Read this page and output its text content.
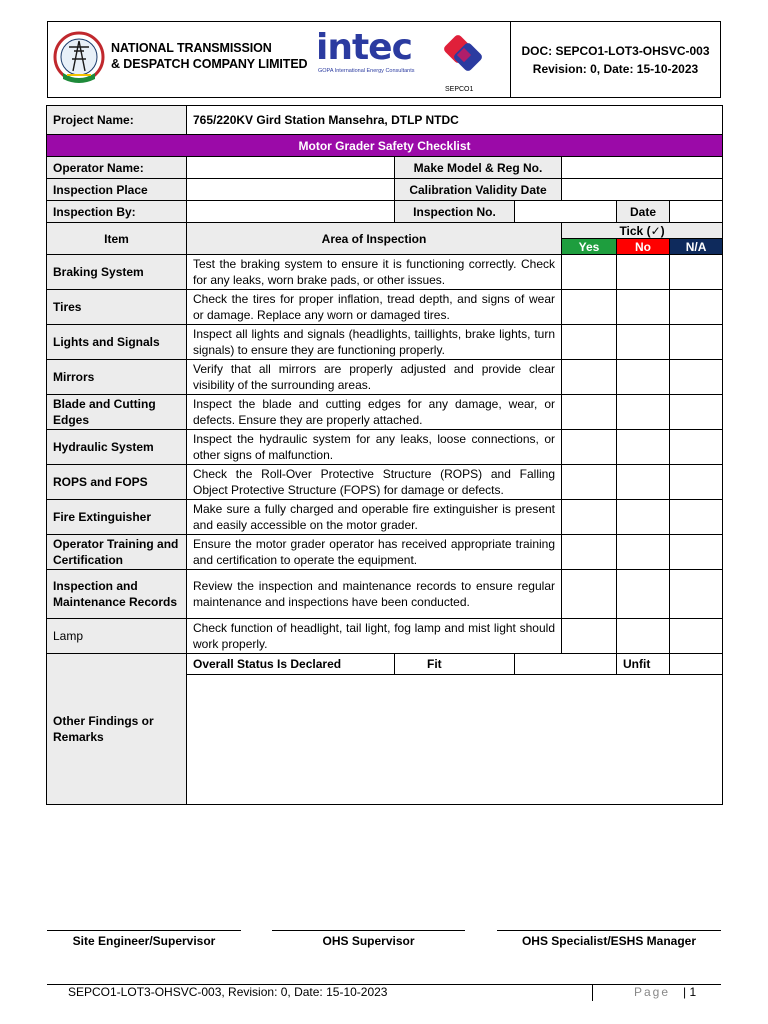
NATIONAL TRANSMISSION
& DESPATCH COMPANY LIMITED intec
GOPA International Energy Consultants
SEPCO1
DOC: SEPCO1-LOT3-OHSVC-003
Revision: 0, Date: 15-10-2023
Project Name:	765/220KV Gird Station Mansehra, DTLP NTDC					
Motor Grader Safety Checklist						
Operator Name:		Make Model & Reg No.				
Inspection Place		Calibration Validity Date				
Inspection By:		Inspection No.			Date	
Item	Area of Inspection			Tick (✓)		
				Yes	No	N/A
Braking System	Test the braking system to ensure it is functioning correctly. Check for any leaks, worn brake pads, or other issues.					
Tires	Check the tires for proper inflation, tread depth, and signs of wear or damage. Replace any worn or damaged tires.					
Lights and Signals	Inspect all lights and signals (headlights, taillights, brake lights, turn signals) to ensure they are functioning properly.					
Mirrors	Verify that all mirrors are properly adjusted and provide clear visibility of the surrounding areas.					
Blade and Cutting Edges	Inspect the blade and cutting edges for any damage, wear, or defects. Ensure they are properly attached.					
Hydraulic System	Inspect the hydraulic system for any leaks, loose connections, or other signs of malfunction.					
ROPS and FOPS	Check the Roll-Over Protective Structure (ROPS) and Falling Object Protective Structure (FOPS) for damage or defects.					
Fire Extinguisher	Make sure a fully charged and operable fire extinguisher is present and easily accessible on the motor grader.					
Operator Training and Certification	Ensure the motor grader operator has received appropriate training and certification to operate the equipment.					
Inspection and Maintenance Records	Review the inspection and maintenance records to ensure regular maintenance and inspections have been conducted.					
Lamp	Check function of headlight, tail light, fog lamp and mist light should work properly.					
Other Findings or Remarks	Overall Status Is Declared	Fit			Unfit	

Site Engineer/Supervisor	OHS Supervisor	OHS Specialist/ESHS Manager
SEPCO1-LOT3-OHSVC-003, Revision: 0, Date: 15-10-2023	Page | 1
